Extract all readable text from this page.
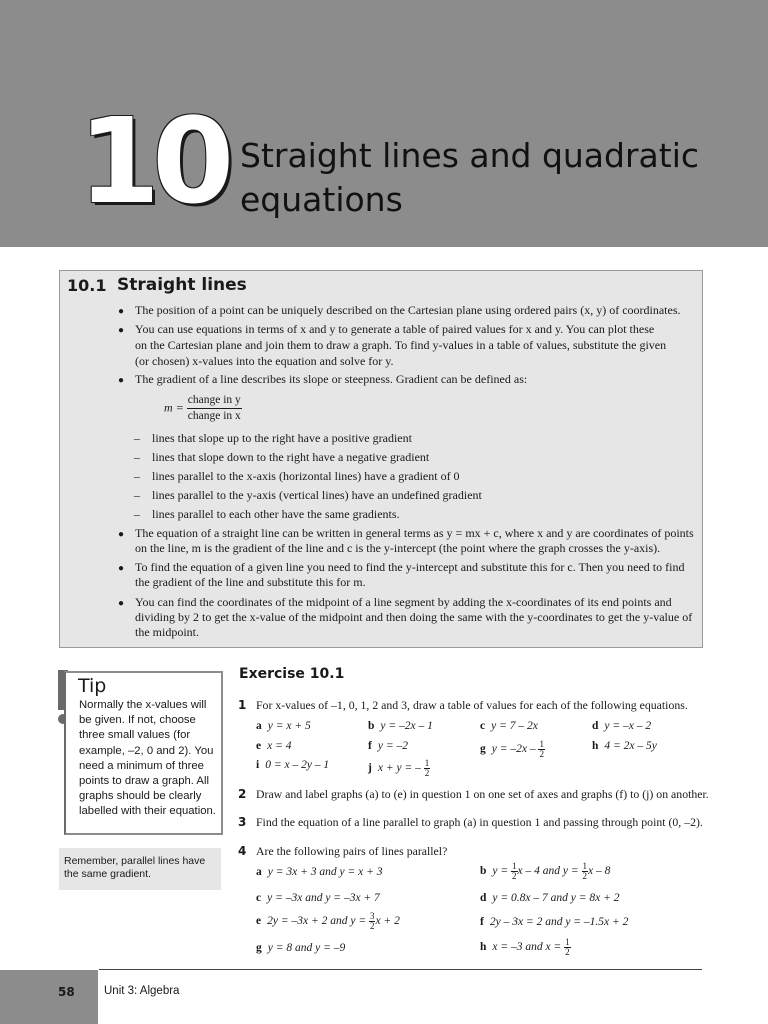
10 Straight lines and quadratic
equations
10.1 Straight lines
● The position of a point can be uniquely described on the Cartesian plane using ordered pairs (x, y) of coordinates.
● You can use equations in terms of x and y to generate a table of paired values for x and y. You can plot these
on the Cartesian plane and join them to draw a graph. To find y-values in a table of values, substitute the given
(or chosen) x-values into the equation and solve for y.
● The gradient of a line describes its slope or steepness. Gradient can be defined as:
$m = \frac{\text{change in y}}{\text{change in x}}$
– lines that slope up to the right have a positive gradient
– lines that slope down to the right have a negative gradient
– lines parallel to the x-axis (horizontal lines) have a gradient of 0
– lines parallel to the y-axis (vertical lines) have an undefined gradient
– lines parallel to each other have the same gradients.
● The equation of a straight line can be written in general terms as y = mx + c, where x and y are coordinates of points
on the line, m is the gradient of the line and c is the y-intercept (the point where the graph crosses the y-axis).
● To find the equation of a given line you need to find the y-intercept and substitute this for c. Then you need to find
the gradient of the line and substitute this for m.
● You can find the coordinates of the midpoint of a line segment by adding the x-coordinates of its end points and
dividing by 2 to get the x-value of the midpoint and then doing the same with the y-coordinates to get the y-value of
the midpoint.
Tip
Normally the x-values will be given. If not, choose three small values (for example, –2, 0 and 2). You need a minimum of three points to draw a graph. All graphs should be clearly labelled with their equation.
Remember, parallel lines have the same gradient.
Exercise 10.1
1 For x-values of –1, 0, 1, 2 and 3, draw a table of values for each of the following equations.
a y = x + 5	b y = –2x – 1	c y = 7 – 2x	d y = –x – 2
e x = 4	f y = –2	g $y = -2x - \frac{1}{2}$	h 4 = 2x – 5y
i 0 = x – 2y – 1	j x + y = – $\frac{1}{2}$
2 Draw and label graphs (a) to (e) in question 1 on one set of axes and graphs (f) to (j) on another.
3 Find the equation of a line parallel to graph (a) in question 1 and passing through point (0, –2).
4 Are the following pairs of lines parallel?
a y = 3x + 3 and y = x + 3	b $y = \frac{1}{2}$ x – 4 and $y = \frac{1}{2}$ x – 8
c y = –3x and y = –3x + 7	d y = 0.8x – 7 and y = 8x + 2
e 2y = –3x + 2 and $y = \frac{3}{2}$ x + 2	f 2y – 3x = 2 and y = –1.5x + 2
g y = 8 and y = –9	h x = –3 and $x = \frac{1}{2}$
58	Unit 3: Algebra
